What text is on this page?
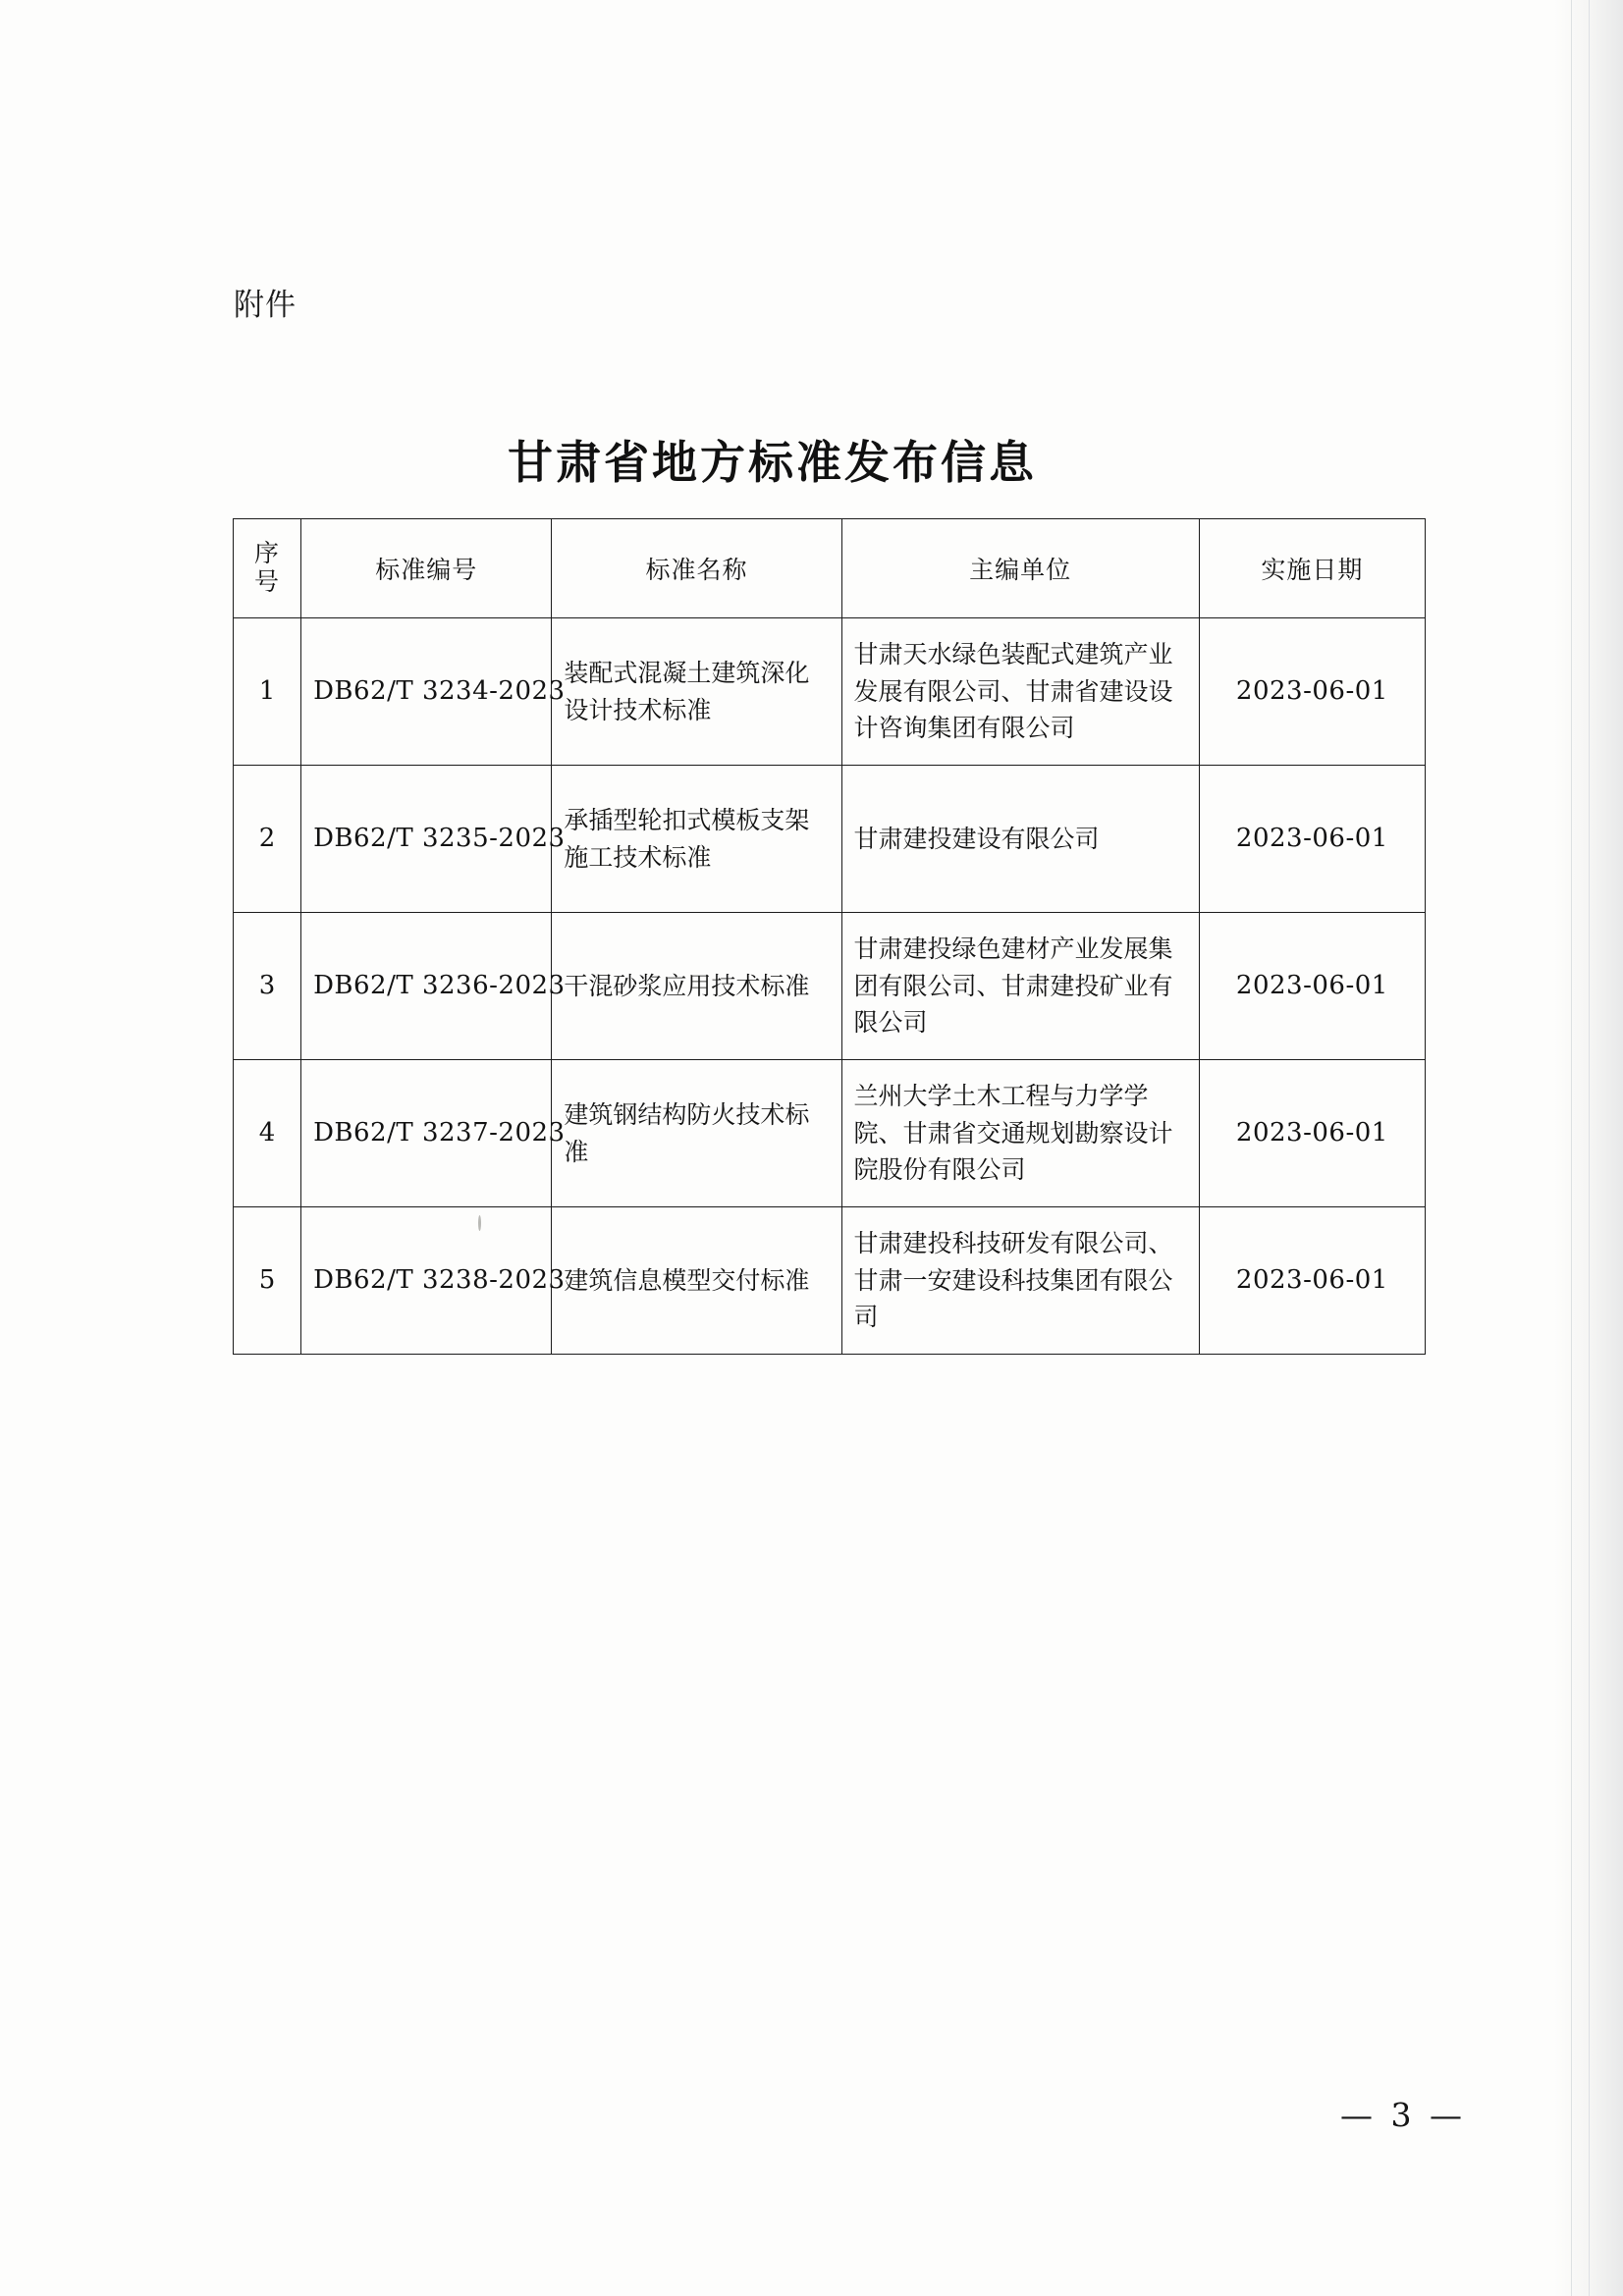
附件
甘肃省地方标准发布信息
序
号	标准编号	标准名称	主编单位	实施日期
1	DB62/T 3234-2023	装配式混凝土建筑深化设计技术标准	甘肃天水绿色装配式建筑产业发展有限公司、甘肃省建设设计咨询集团有限公司	2023-06-01
2	DB62/T 3235-2023	承插型轮扣式模板支架施工技术标准	甘肃建投建设有限公司	2023-06-01
3	DB62/T 3236-2023	干混砂浆应用技术标准	甘肃建投绿色建材产业发展集团有限公司、甘肃建投矿业有限公司	2023-06-01
4	DB62/T 3237-2023	建筑钢结构防火技术标准	兰州大学土木工程与力学学院、甘肃省交通规划勘察设计院股份有限公司	2023-06-01
5	DB62/T 3238-2023	建筑信息模型交付标准	甘肃建投科技研发有限公司、甘肃一安建设科技集团有限公司	2023-06-01
— 3 —
